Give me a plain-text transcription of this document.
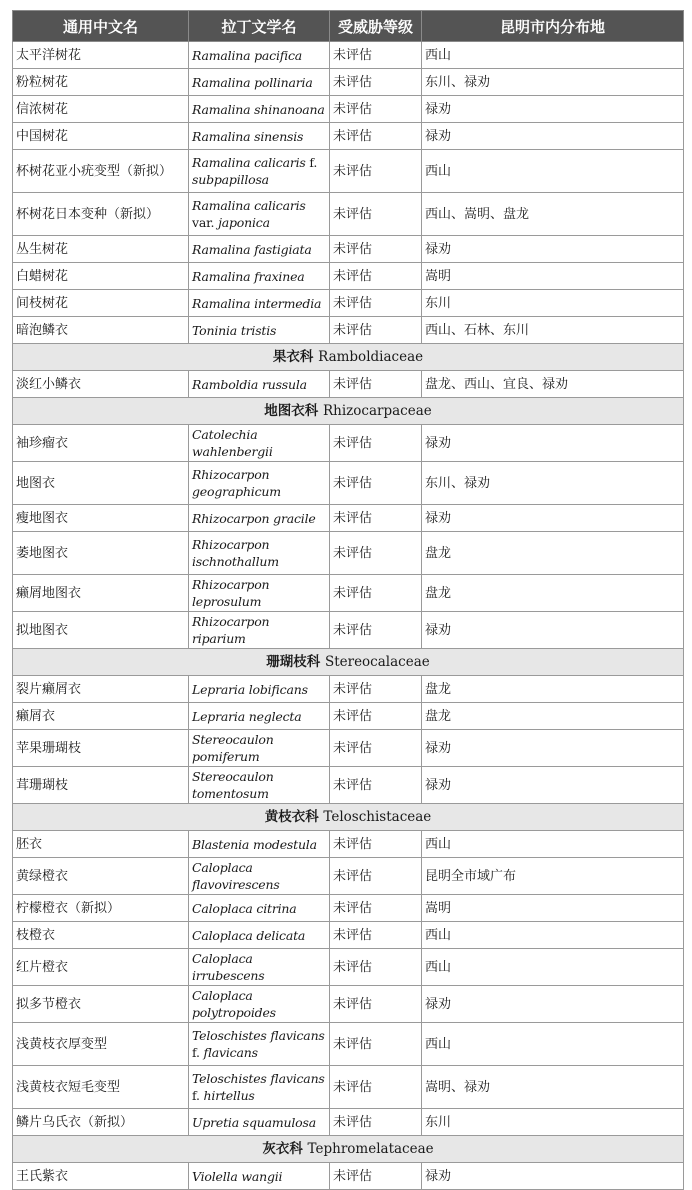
通用中文名	拉丁文学名	受威胁等级	昆明市内分布地
太平洋树花	Ramalina pacifica	未评估	西山
粉粒树花	Ramalina pollinaria	未评估	东川、禄劝
信浓树花	Ramalina shinanoana	未评估	禄劝
中国树花	Ramalina sinensis	未评估	禄劝
杯树花亚小疣变型（新拟）	Ramalina calicaris f. subpapillosa	未评估	西山
杯树花日本变种（新拟）	Ramalina calicaris var. japonica	未评估	西山、嵩明、盘龙
丛生树花	Ramalina fastigiata	未评估	禄劝
白蜡树花	Ramalina fraxinea	未评估	嵩明
间枝树花	Ramalina intermedia	未评估	东川
暗泡鳞衣	Toninia tristis	未评估	西山、石林、东川
果衣科 Ramboldiaceae			
淡红小鳞衣	Ramboldia russula	未评估	盘龙、西山、宜良、禄劝
地图衣科 Rhizocarpaceae			
袖珍瘤衣	Catolechia wahlenbergii	未评估	禄劝
地图衣	Rhizocarpon geographicum	未评估	东川、禄劝
瘦地图衣	Rhizocarpon gracile	未评估	禄劝
萎地图衣	Rhizocarpon ischnothallum	未评估	盘龙
癞屑地图衣	Rhizocarpon leprosulum	未评估	盘龙
拟地图衣	Rhizocarpon riparium	未评估	禄劝
珊瑚枝科 Stereocalaceae			
裂片癞屑衣	Lepraria lobificans	未评估	盘龙
癞屑衣	Lepraria neglecta	未评估	盘龙
苹果珊瑚枝	Stereocaulon pomiferum	未评估	禄劝
茸珊瑚枝	Stereocaulon tomentosum	未评估	禄劝
黄枝衣科 Teloschistaceae			
胚衣	Blastenia modestula	未评估	西山
黄绿橙衣	Caloplaca flavovirescens	未评估	昆明全市域广布
柠檬橙衣（新拟）	Caloplaca citrina	未评估	嵩明
枝橙衣	Caloplaca delicata	未评估	西山
红片橙衣	Caloplaca irrubescens	未评估	西山
拟多节橙衣	Caloplaca polytropoides	未评估	禄劝
浅黄枝衣厚变型	Teloschistes flavicans f. flavicans	未评估	西山
浅黄枝衣短毛变型	Teloschistes flavicans f. hirtellus	未评估	嵩明、禄劝
鳞片乌氏衣（新拟）	Upretia squamulosa	未评估	东川
灰衣科 Tephromelataceae			
王氏紫衣	Violella wangii	未评估	禄劝
